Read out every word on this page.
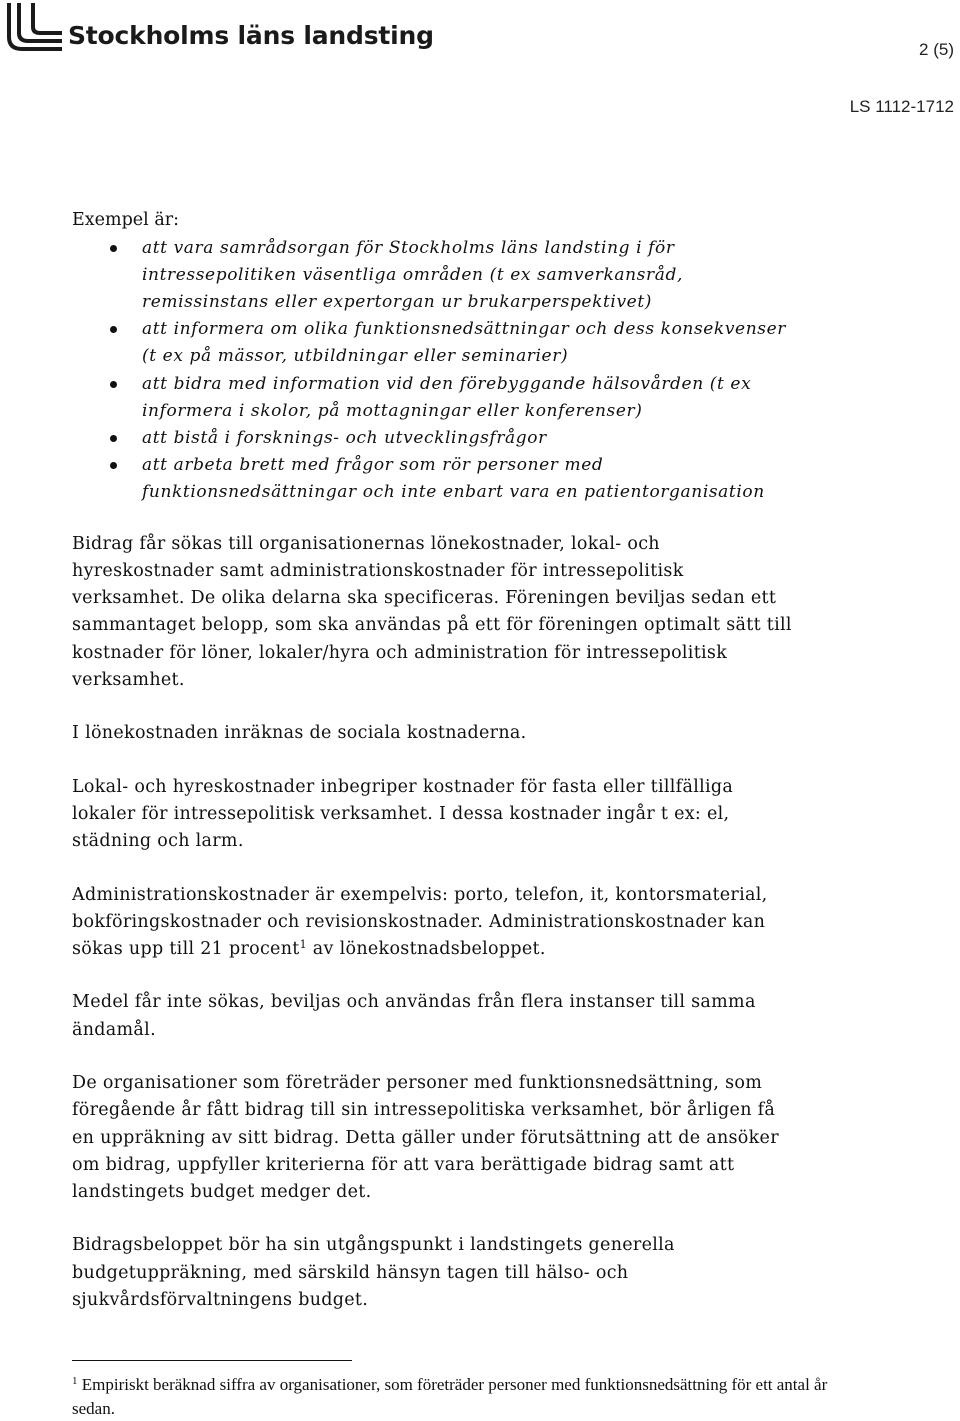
Stockholms läns landsting	2 (5)
LS 1112-1712

Exempel är:

att vara samrådsorgan för Stockholms läns landsting i för intressepolitiken väsentliga områden (t ex samverkansråd, remissinstans eller expertorgan ur brukarperspektivet)
att informera om olika funktionsnedsättningar och dess konsekvenser (t ex på mässor, utbildningar eller seminarier)
att bidra med information vid den förebyggande hälsovården (t ex informera i skolor, på mottagningar eller konferenser)
att bistå i forsknings- och utvecklingsfrågor
att arbeta brett med frågor som rör personer med funktionsnedsättningar och inte enbart vara en patientorganisation

Bidrag får sökas till organisationernas lönekostnader, lokal- och hyreskostnader samt administrationskostnader för intressepolitisk verksamhet. De olika delarna ska specificeras. Föreningen beviljas sedan ett sammantaget belopp, som ska användas på ett för föreningen optimalt sätt till kostnader för löner, lokaler/hyra och administration för intressepolitisk verksamhet.

I lönekostnaden inräknas de sociala kostnaderna.

Lokal- och hyreskostnader inbegriper kostnader för fasta eller tillfälliga lokaler för intressepolitisk verksamhet. I dessa kostnader ingår t ex: el, städning och larm.

Administrationskostnader är exempelvis: porto, telefon, it, kontorsmaterial, bokföringskostnader och revisionskostnader. Administrationskostnader kan sökas upp till 21 procent$^1$ av lönekostnadsbeloppet.

Medel får inte sökas, beviljas och användas från flera instanser till samma ändamål.

De organisationer som företräder personer med funktionsnedsättning, som föregående år fått bidrag till sin intressepolitiska verksamhet, bör årligen få en uppräkning av sitt bidrag. Detta gäller under förutsättning att de ansöker om bidrag, uppfyller kriterierna för att vara berättigade bidrag samt att landstingets budget medger det.

Bidragsbeloppet bör ha sin utgångspunkt i landstingets generella budgetuppräkning, med särskild hänsyn tagen till hälso- och sjukvårdsförvaltningens budget.

$^1$ Empiriskt beräknad siffra av organisationer, som företräder personer med funktionsnedsättning för ett antal år sedan.
